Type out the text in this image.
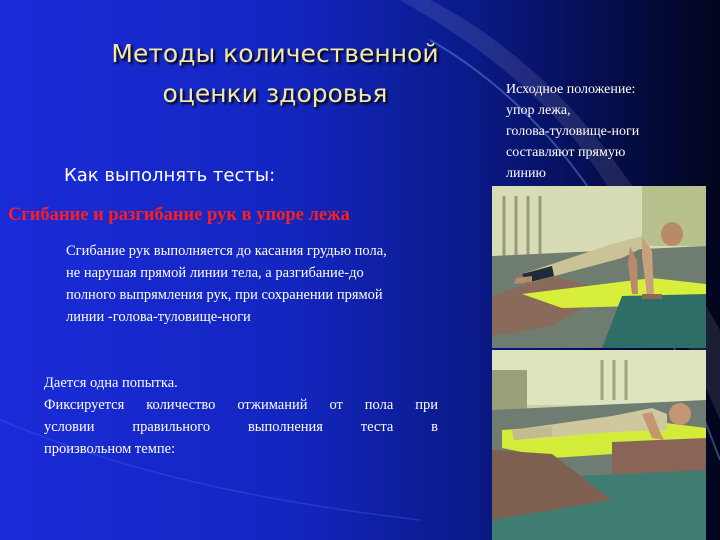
Методы количественной оценки здоровья
Как выполнять тесты:
Сгибание и разгибание рук в упоре лежа
Сгибание рук выполняется до касания грудью пола, не нарушая прямой линии тела, а разгибание-до полного выпрямления рук, при сохранении прямой линии -голова-туловище-ноги
Дается одна попытка.
Фиксируется количество отжиманий от пола при
условии правильного выполнения теста в
произвольном темпе:
Исходное положение:
упор лежа,
голова-туловище-ноги
составляют прямую
линию
